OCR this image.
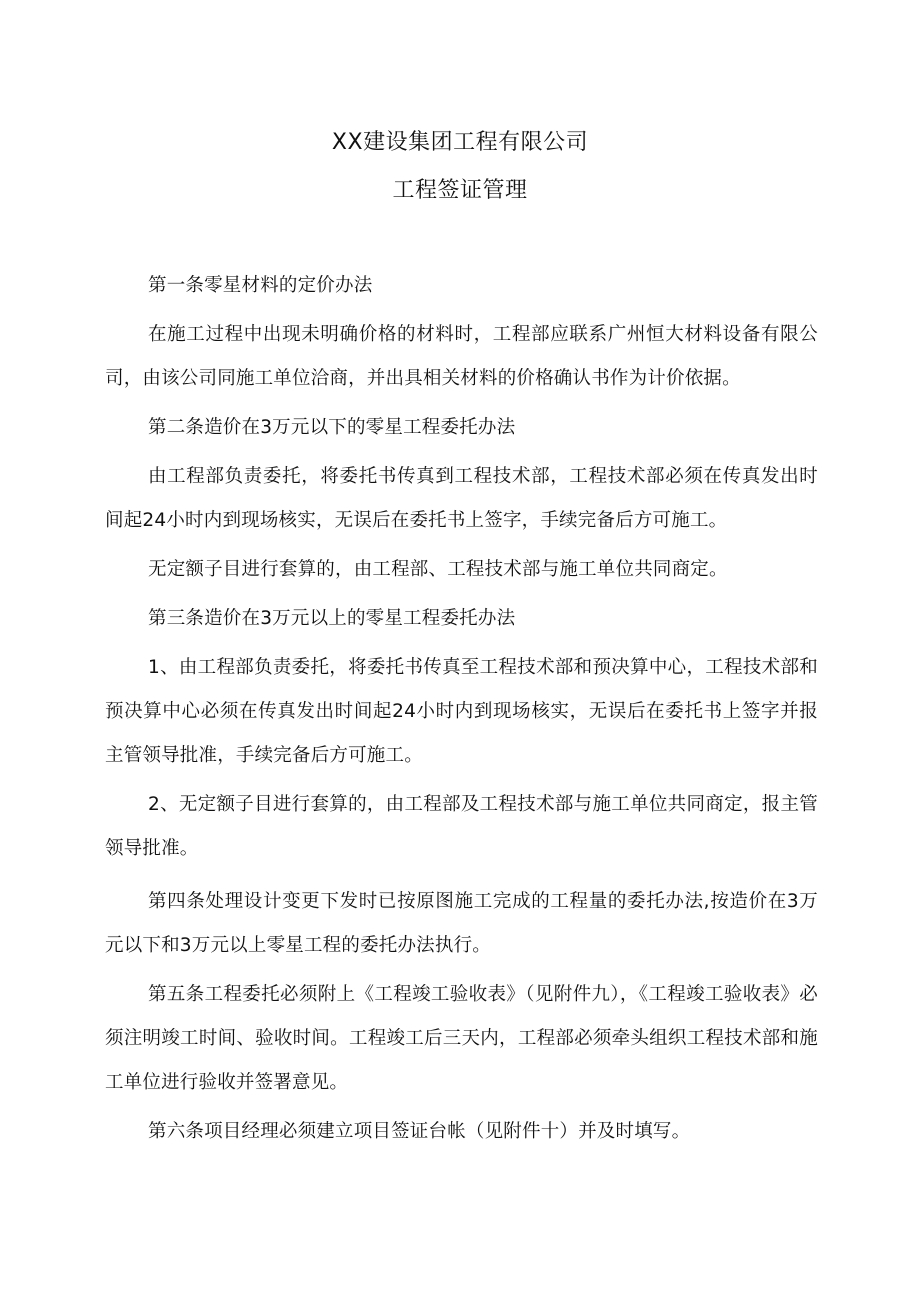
XX建设集团工程有限公司
工程签证管理

第一条零星材料的定价办法

在施工过程中出现未明确价格的材料时，工程部应联系广州恒大材料设备有限公司，由该公司同施工单位洽商，并出具相关材料的价格确认书作为计价依据。

第二条造价在3万元以下的零星工程委托办法

由工程部负责委托，将委托书传真到工程技术部，工程技术部必须在传真发出时间起24小时内到现场核实，无误后在委托书上签字，手续完备后方可施工。

无定额子目进行套算的，由工程部、工程技术部与施工单位共同商定。

第三条造价在3万元以上的零星工程委托办法

1、由工程部负责委托，将委托书传真至工程技术部和预决算中心，工程技术部和预决算中心必须在传真发出时间起24小时内到现场核实，无误后在委托书上签字并报主管领导批准，手续完备后方可施工。

2、无定额子目进行套算的，由工程部及工程技术部与施工单位共同商定，报主管领导批准。

第四条处理设计变更下发时已按原图施工完成的工程量的委托办法,按造价在3万元以下和3万元以上零星工程的委托办法执行。

第五条工程委托必须附上《工程竣工验收表》（见附件九），《工程竣工验收表》必须注明竣工时间、验收时间。工程竣工后三天内，工程部必须牵头组织工程技术部和施工单位进行验收并签署意见。

第六条项目经理必须建立项目签证台帐（见附件十）并及时填写。
